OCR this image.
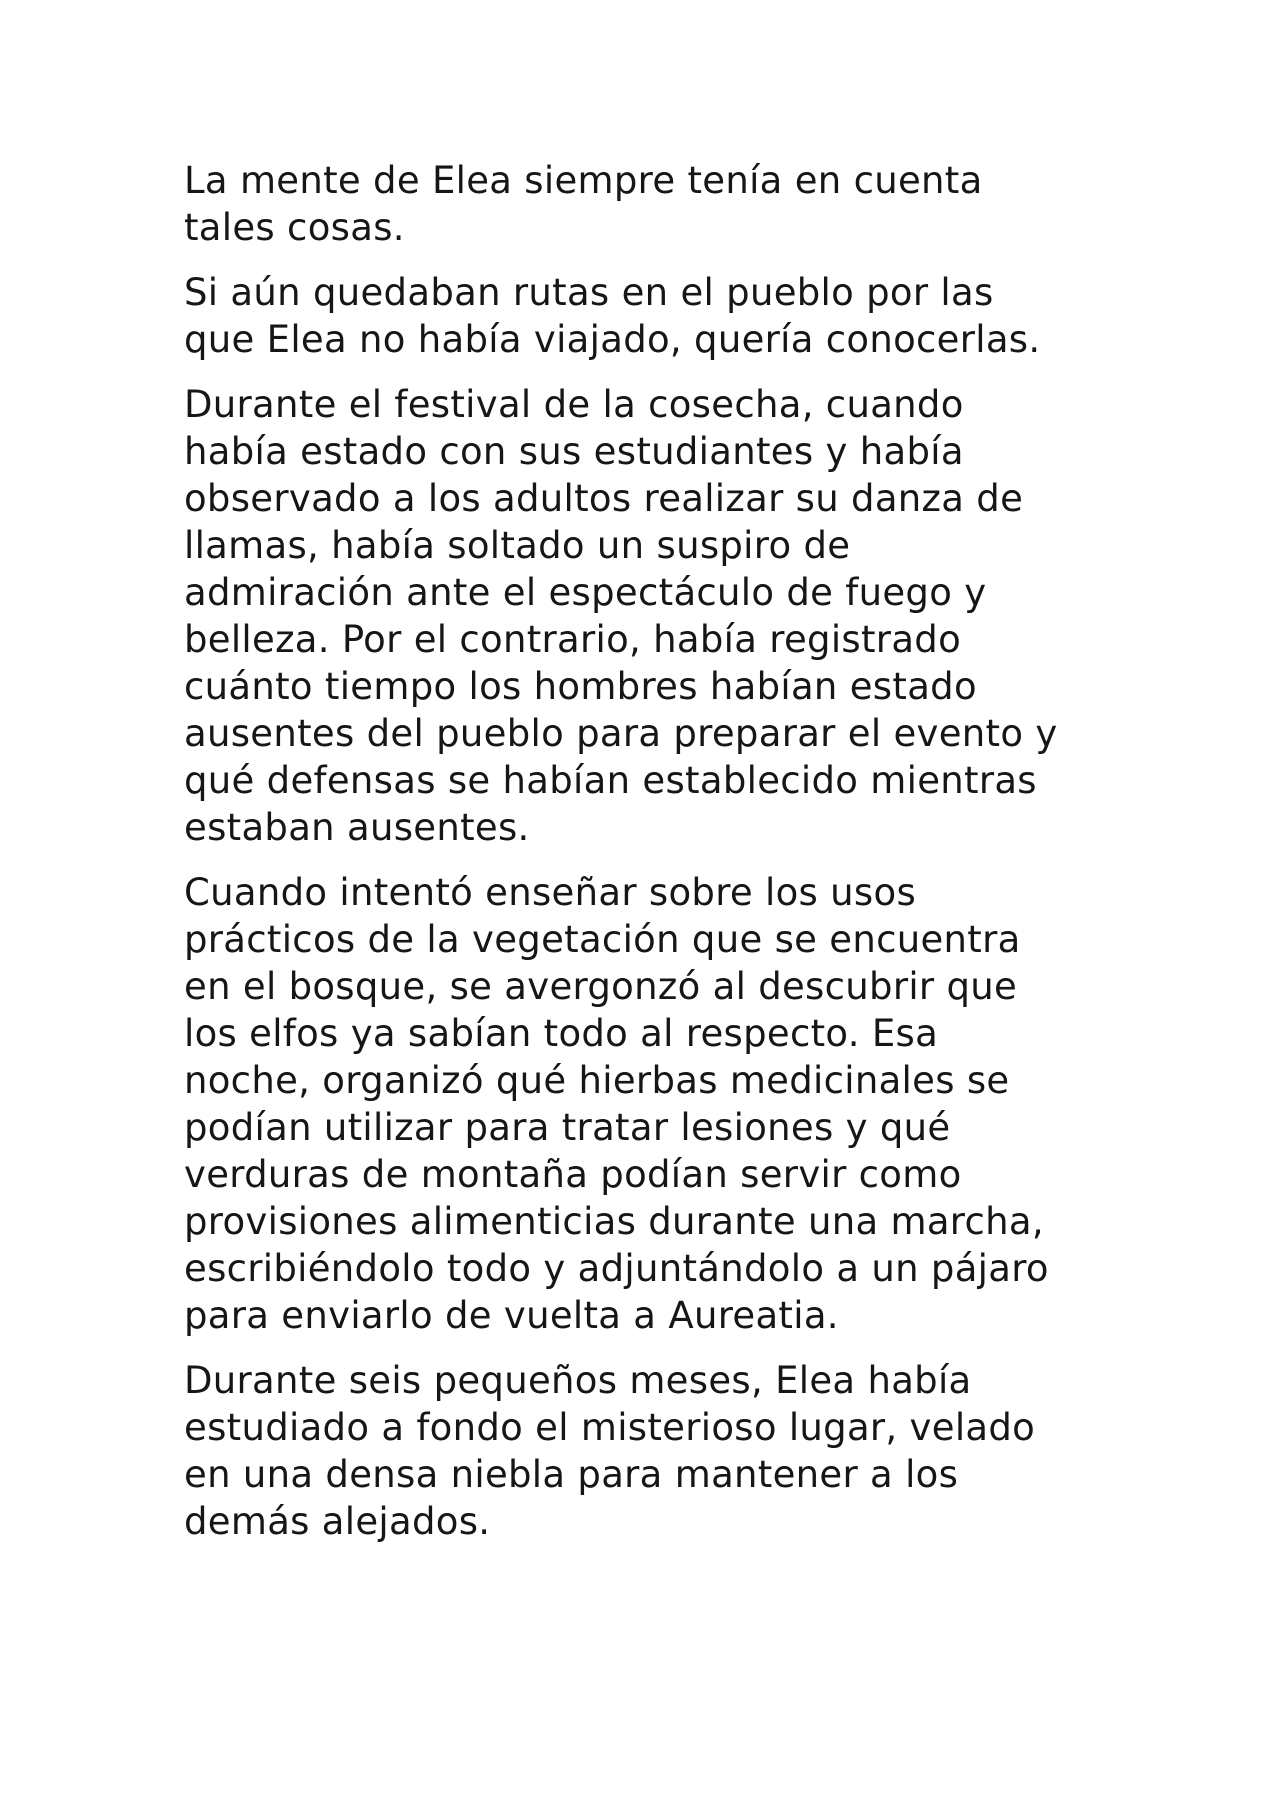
La mente de Elea siempre tenía en cuenta
tales cosas.

Si aún quedaban rutas en el pueblo por las
que Elea no había viajado, quería conocerlas.

Durante el festival de la cosecha, cuando
había estado con sus estudiantes y había
observado a los adultos realizar su danza de
llamas, había soltado un suspiro de
admiración ante el espectáculo de fuego y
belleza. Por el contrario, había registrado
cuánto tiempo los hombres habían estado
ausentes del pueblo para preparar el evento y
qué defensas se habían establecido mientras
estaban ausentes.

Cuando intentó enseñar sobre los usos
prácticos de la vegetación que se encuentra
en el bosque, se avergonzó al descubrir que
los elfos ya sabían todo al respecto. Esa
noche, organizó qué hierbas medicinales se
podían utilizar para tratar lesiones y qué
verduras de montaña podían servir como
provisiones alimenticias durante una marcha,
escribiéndolo todo y adjuntándolo a un pájaro
para enviarlo de vuelta a Aureatia.

Durante seis pequeños meses, Elea había
estudiado a fondo el misterioso lugar, velado
en una densa niebla para mantener a los
demás alejados.
